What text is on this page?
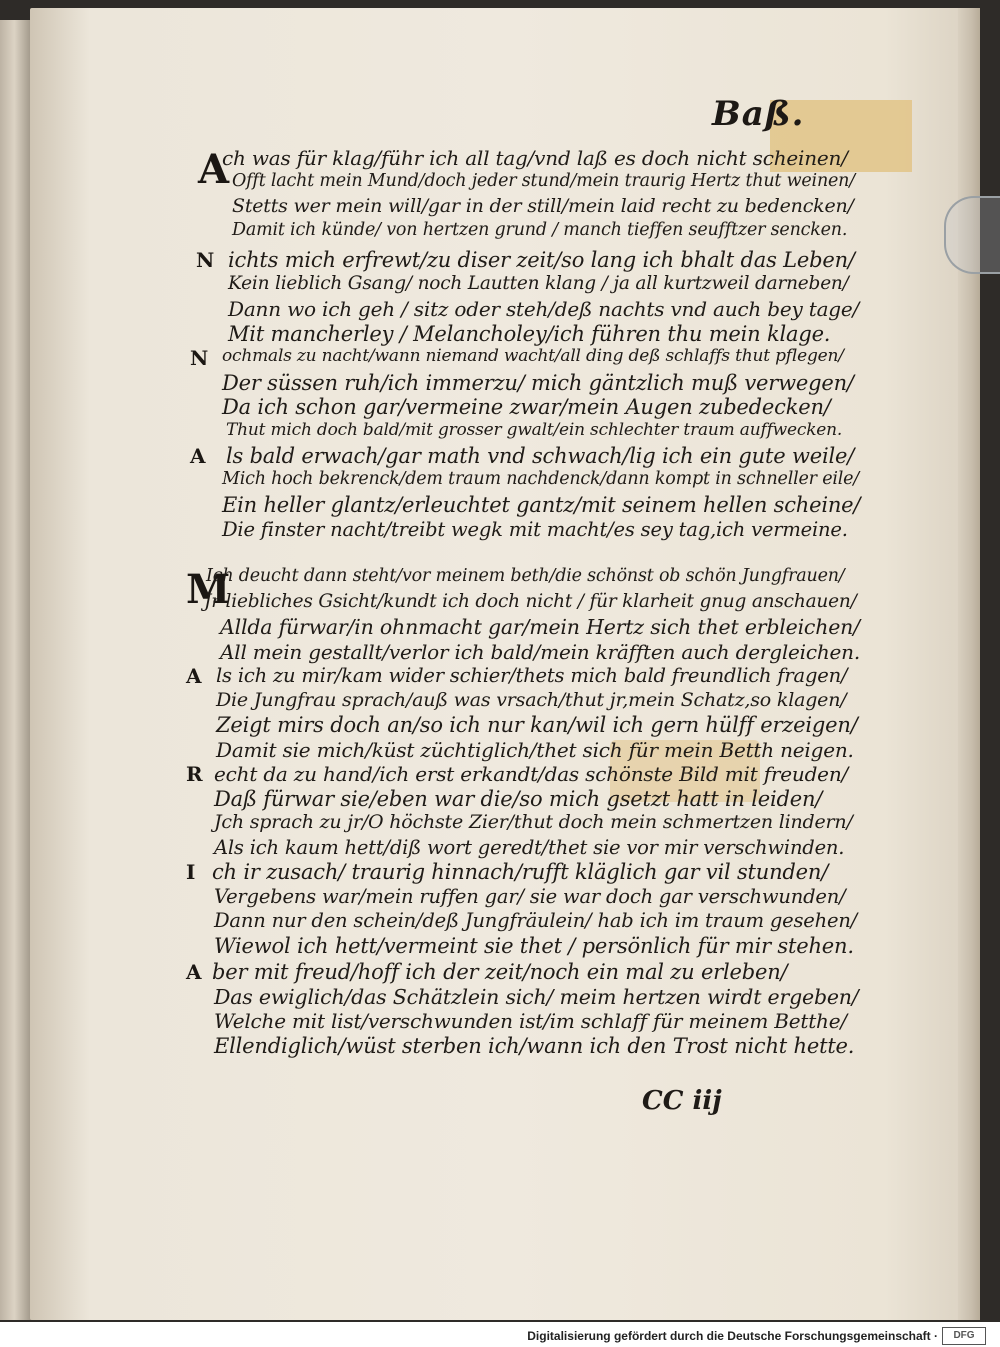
Baß.
A
ch was für klag/führ ich all tag/vnd laß es doch nicht scheinen/
Offt lacht mein Mund/doch jeder stund/mein traurig Hertz thut weinen/
Stetts wer mein will/gar in der still/mein laid recht zu bedencken/
Damit ich künde/ von hertzen grund / manch tieffen seufftzer sencken.
N ichts mich erfrewt/zu diser zeit/so lang ich bhalt das Leben/
Kein lieblich Gsang/ noch Lautten klang / ja all kurtzweil darneben/
Dann wo ich geh / sitz oder steh/deß nachts vnd auch bey tage/
Mit mancherley / Melancholey/ich führen thu mein klage.
N ochmals zu nacht/wann niemand wacht/all ding deß schlaffs thut pflegen/
Der süssen ruh/ich immerzu/ mich gäntzlich muß verwegen/
Da ich schon gar/vermeine zwar/mein Augen zubedecken/
Thut mich doch bald/mit grosser gwalt/ein schlechter traum auffwecken.
A ls bald erwach/gar math vnd schwach/lig ich ein gute weile/
Mich hoch bekrenck/dem traum nachdenck/dann kompt in schneller eile/
Ein heller glantz/erleuchtet gantz/mit seinem hellen scheine/
Die finster nacht/treibt wegk mit macht/es sey tag,ich vermeine.
M
Ich deucht dann steht/vor meinem beth/die schönst ob schön Jungfrauen/
Jr liebliches Gsicht/kundt ich doch nicht / für klarheit gnug anschauen/
Allda fürwar/in ohnmacht gar/mein Hertz sich thet erbleichen/
All mein gestallt/verlor ich bald/mein kräfften auch dergleichen.
A ls ich zu mir/kam wider schier/thets mich bald freundlich fragen/
Die Jungfrau sprach/auß was vrsach/thut jr,mein Schatz,so klagen/
Zeigt mirs doch an/so ich nur kan/wil ich gern hülff erzeigen/
Damit sie mich/küst züchtiglich/thet sich für mein Betth neigen.
R echt da zu hand/ich erst erkandt/das schönste Bild mit freuden/
Daß fürwar sie/eben war die/so mich gsetzt hatt in leiden/
Jch sprach zu jr/O höchste Zier/thut doch mein schmertzen lindern/
Als ich kaum hett/diß wort geredt/thet sie vor mir verschwinden.
I ch ir zusach/ traurig hinnach/rufft kläglich gar vil stunden/
Vergebens war/mein ruffen gar/ sie war doch gar verschwunden/
Dann nur den schein/deß Jungfräulein/ hab ich im traum gesehen/
Wiewol ich hett/vermeint sie thet / persönlich für mir stehen.
A ber mit freud/hoff ich der zeit/noch ein mal zu erleben/
Das ewiglich/das Schätzlein sich/ meim hertzen wirdt ergeben/
Welche mit list/verschwunden ist/im schlaff für meinem Betthe/
Ellendiglich/wüst sterben ich/wann ich den Trost nicht hette.
CC iij
Digitalisierung gefördert durch die Deutsche Forschungsgemeinschaft ·	DFG
